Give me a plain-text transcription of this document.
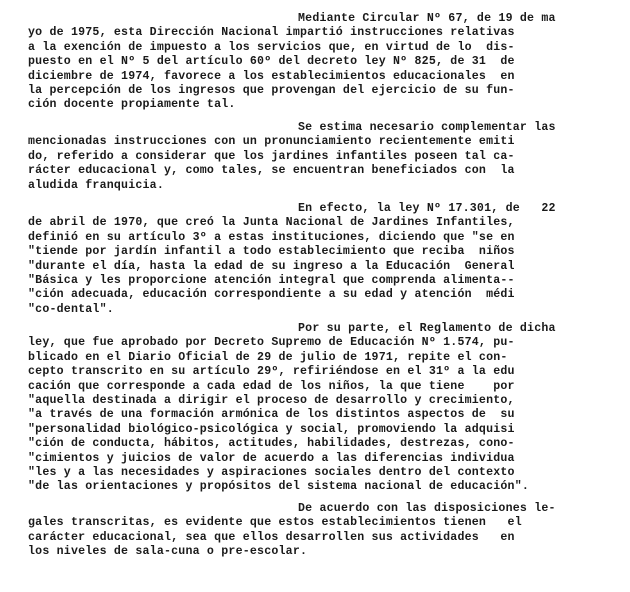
Mediante Circular Nº 67, de 19 de ma
yo de 1975, esta Dirección Nacional impartió instrucciones relativas
a la exención de impuesto a los servicios que, en virtud de lo  dis-
puesto en el Nº 5 del artículo 60º del decreto ley Nº 825, de 31  de
diciembre de 1974, favorece a los establecimientos educacionales  en
la percepción de los ingresos que provengan del ejercicio de su fun-
ción docente propiamente tal.
Se estima necesario complementar las
mencionadas instrucciones con un pronunciamiento recientemente emiti
do, referido a considerar que los jardines infantiles poseen tal ca-
rácter educacional y, como tales, se encuentran beneficiados con  la
aludida franquicia.
En efecto, la ley Nº 17.301, de   22
de abril de 1970, que creó la Junta Nacional de Jardines Infantiles,
definió en su artículo 3º a estas instituciones, diciendo que "se en
"tiende por jardín infantil a todo establecimiento que reciba  niños
"durante el día, hasta la edad de su ingreso a la Educación  General
"Básica y les proporcione atención integral que comprenda alimenta--
"ción adecuada, educación correspondiente a su edad y atención  médi
"co-dental".
Por su parte, el Reglamento de dicha
ley, que fue aprobado por Decreto Supremo de Educación Nº 1.574, pu-
blicado en el Diario Oficial de 29 de julio de 1971, repite el con-
cepto transcrito en su artículo 29º, refiriéndose en el 31º a la edu
cación que corresponde a cada edad de los niños, la que tiene    por
"aquella destinada a dirigir el proceso de desarrollo y crecimiento,
"a través de una formación armónica de los distintos aspectos de  su
"personalidad biológico-psicológica y social, promoviendo la adquisi
"ción de conducta, hábitos, actitudes, habilidades, destrezas, cono-
"cimientos y juicios de valor de acuerdo a las diferencias individua
"les y a las necesidades y aspiraciones sociales dentro del contexto
"de las orientaciones y propósitos del sistema nacional de educación".
De acuerdo con las disposiciones le-
gales transcritas, es evidente que estos establecimientos tienen   el
carácter educacional, sea que ellos desarrollen sus actividades   en
los niveles de sala-cuna o pre-escolar.
